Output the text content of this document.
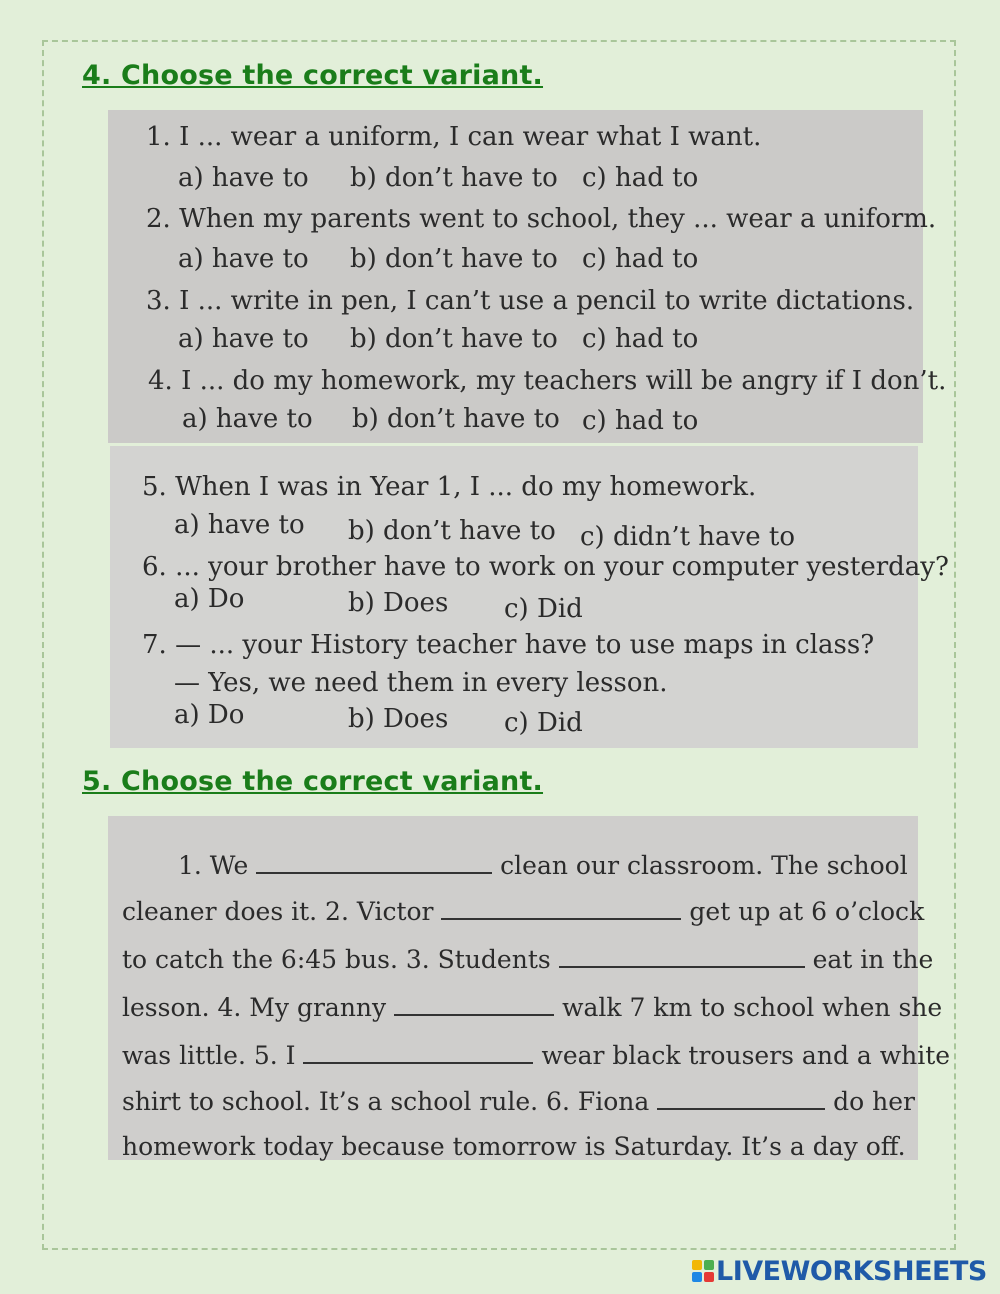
4. Choose the correct variant.

1. I ... wear a uniform, I can wear what I want.

a) have to b) don’t have to c) had to

2. When my parents went to school, they ... wear a uniform.

a) have to b) don’t have to c) had to

3. I ... write in pen, I can’t use a pencil to write dictations.

a) have to b) don’t have to c) had to

4. I ... do my homework, my teachers will be angry if I don’t.

a) have to b) don’t have to c) had to

5. When I was in Year 1, I ... do my homework.

a) have to b) don’t have to c) didn’t have to

6. ... your brother have to work on your computer yesterday?

a) Do	b) Does c) Did

7. — ... your History teacher have to use maps in class?

— Yes, we need them in every lesson.

a) Do	b) Does c) Did
5. Choose the correct variant.
1. We	clean our classroom. The school
cleaner does it. 2. Victor	get up at 6 o’clock
to catch the 6:45 bus. 3. Students	eat in the
lesson. 4. My granny	walk 7 km to school when she
was little. 5. I	wear black trousers and a white
shirt to school. It’s a school rule. 6. Fiona	do her
homework today because tomorrow is Saturday. It’s a day off.
LIVEWORKSHEETS
